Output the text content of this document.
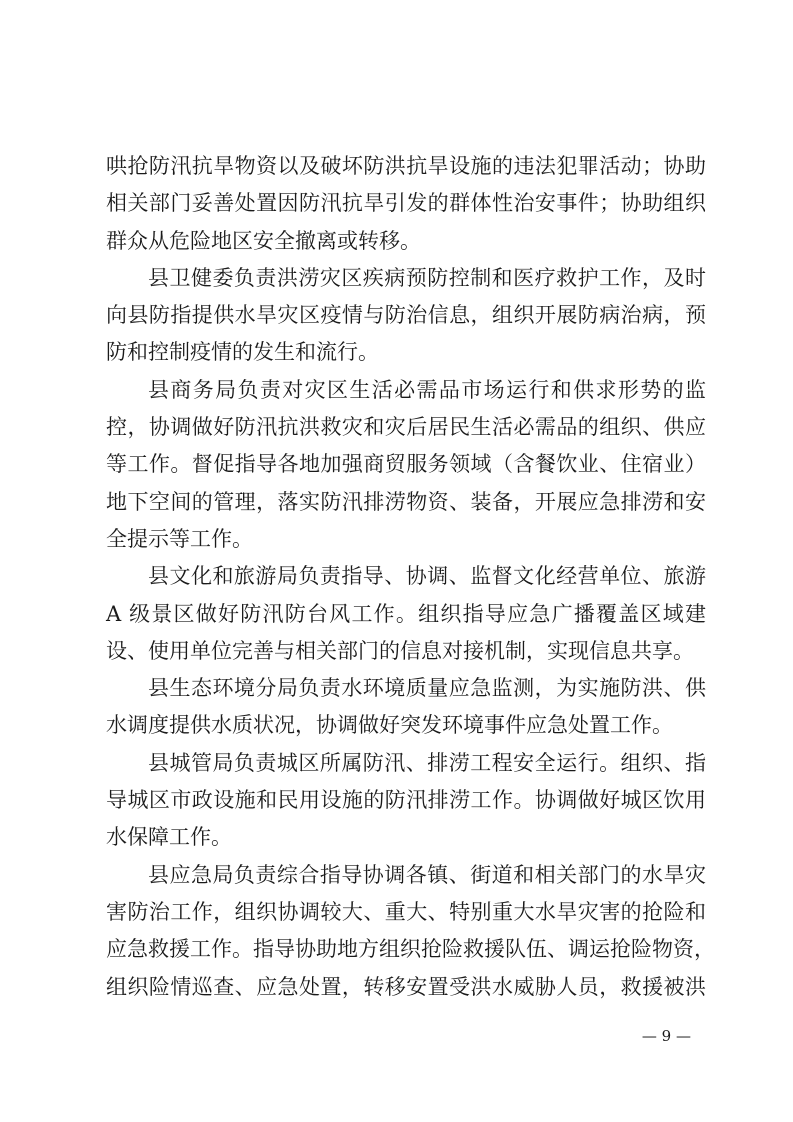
哄抢防汛抗旱物资以及破坏防洪抗旱设施的违法犯罪活动；协助
相关部门妥善处置因防汛抗旱引发的群体性治安事件；协助组织
群众从危险地区安全撤离或转移。
县卫健委负责洪涝灾区疾病预防控制和医疗救护工作，及时
向县防指提供水旱灾区疫情与防治信息，组织开展防病治病，预
防和控制疫情的发生和流行。
县商务局负责对灾区生活必需品市场运行和供求形势的监
控，协调做好防汛抗洪救灾和灾后居民生活必需品的组织、供应
等工作。督促指导各地加强商贸服务领域（含餐饮业、住宿业）
地下空间的管理，落实防汛排涝物资、装备，开展应急排涝和安
全提示等工作。
县文化和旅游局负责指导、协调、监督文化经营单位、旅游
A 级景区做好防汛防台风工作。组织指导应急广播覆盖区域建
设、使用单位完善与相关部门的信息对接机制，实现信息共享。
县生态环境分局负责水环境质量应急监测，为实施防洪、供
水调度提供水质状况，协调做好突发环境事件应急处置工作。
县城管局负责城区所属防汛、排涝工程安全运行。组织、指
导城区市政设施和民用设施的防汛排涝工作。协调做好城区饮用
水保障工作。
县应急局负责综合指导协调各镇、街道和相关部门的水旱灾
害防治工作，组织协调较大、重大、特别重大水旱灾害的抢险和
应急救援工作。指导协助地方组织抢险救援队伍、调运抢险物资，
组织险情巡查、应急处置，转移安置受洪水威胁人员，救援被洪
— 9 —
